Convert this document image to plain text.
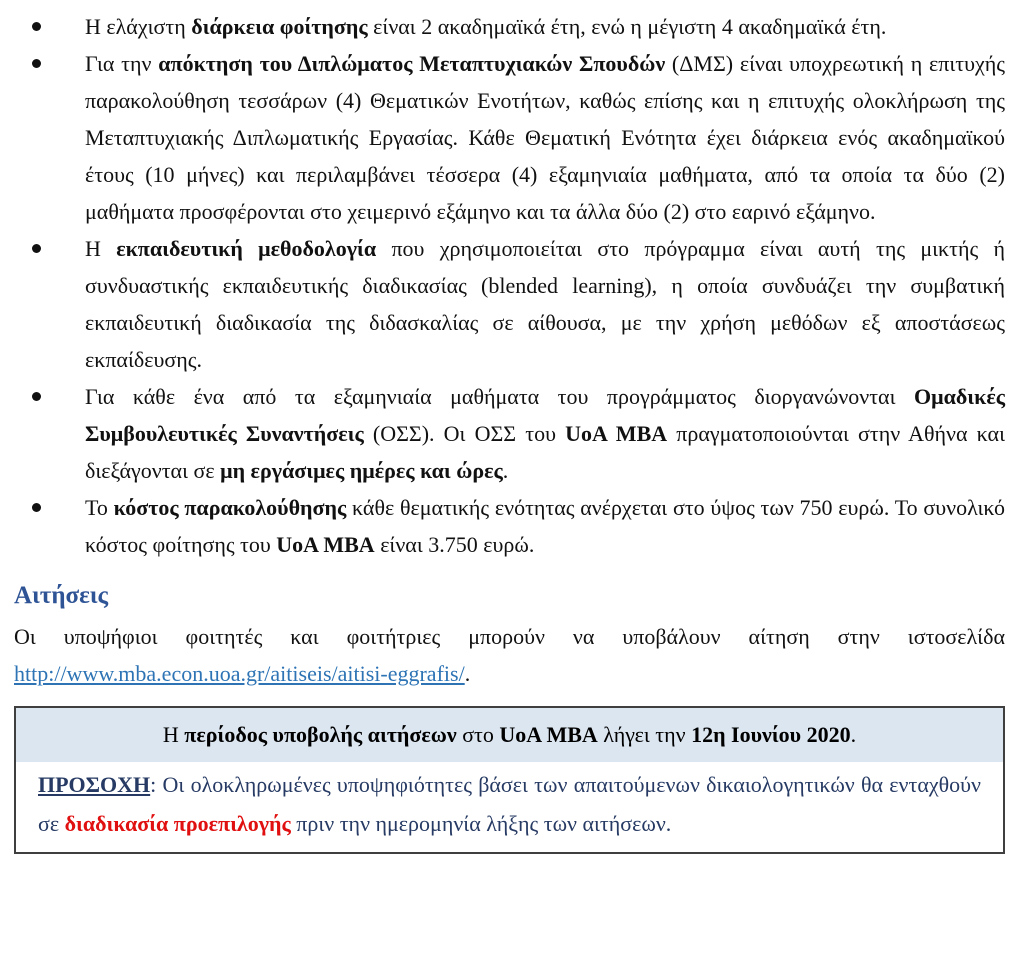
Η ελάχιστη διάρκεια φοίτησης είναι 2 ακαδημαϊκά έτη, ενώ η μέγιστη 4 ακαδημαϊκά έτη.
Για την απόκτηση του Διπλώματος Μεταπτυχιακών Σπουδών (ΔΜΣ) είναι υποχρεωτική η επιτυχής παρακολούθηση τεσσάρων (4) Θεματικών Ενοτήτων, καθώς επίσης και η επιτυχής ολοκλήρωση της Μεταπτυχιακής Διπλωματικής Εργασίας. Κάθε Θεματική Ενότητα έχει διάρκεια ενός ακαδημαϊκού έτους (10 μήνες) και περιλαμβάνει τέσσερα (4) εξαμηνιαία μαθήματα, από τα οποία τα δύο (2) μαθήματα προσφέρονται στο χειμερινό εξάμηνο και τα άλλα δύο (2) στο εαρινό εξάμηνο.
Η εκπαιδευτική μεθοδολογία που χρησιμοποιείται στο πρόγραμμα είναι αυτή της μικτής ή συνδυαστικής εκπαιδευτικής διαδικασίας (blended learning), η οποία συνδυάζει την συμβατική εκπαιδευτική διαδικασία της διδασκαλίας σε αίθουσα, με την χρήση μεθόδων εξ αποστάσεως εκπαίδευσης.
Για κάθε ένα από τα εξαμηνιαία μαθήματα του προγράμματος διοργανώνονται Ομαδικές Συμβουλευτικές Συναντήσεις (ΟΣΣ). Οι ΟΣΣ του UoA MBA πραγματοποιούνται στην Αθήνα και διεξάγονται σε μη εργάσιμες ημέρες και ώρες.
Το κόστος παρακολούθησης κάθε θεματικής ενότητας ανέρχεται στο ύψος των 750 ευρώ. Το συνολικό κόστος φοίτησης του UoA MBA είναι 3.750 ευρώ.
Αιτήσεις

Οι υποψήφιοι φοιτητές και φοιτήτριες μπορούν να υποβάλουν αίτηση στην ιστοσελίδα http://www.mba.econ.uoa.gr/aitiseis/aitisi-eggrafis/.

Η περίοδος υποβολής αιτήσεων στο UoA MBA λήγει την 12η Ιουνίου 2020.
ΠΡΟΣΟΧΗ: Οι ολοκληρωμένες υποψηφιότητες βάσει των απαιτούμενων δικαιολογητικών θα ενταχθούν σε διαδικασία προεπιλογής πριν την ημερομηνία λήξης των αιτήσεων.
